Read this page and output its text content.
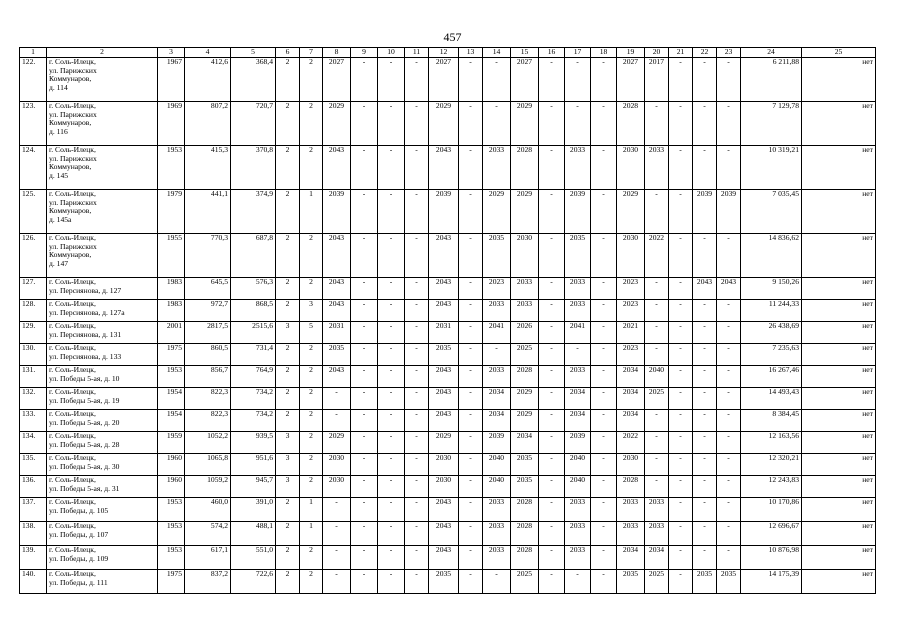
457
1	2	3	4	5	6	7	8	9	10	11	12	13	14	15	16	17	18	19	20	21	22	23	24	25
122.	г. Соль-Илецк,
ул. Парижских
Коммунаров,
д. 114	1967	412,6	368,4	2	2	2027	-	-	-	2027	-	-	2027	-	-	-	2027	2017	-	-	-	6 211,88	нет
123.	г. Соль-Илецк,
ул. Парижских
Коммунаров,
д. 116	1969	807,2	720,7	2	2	2029	-	-	-	2029	-	-	2029	-	-	-	2028	-	-	-	-	7 129,78	нет
124.	г. Соль-Илецк,
ул. Парижских
Коммунаров,
д. 145	1953	415,3	370,8	2	2	2043	-	-	-	2043	-	2033	2028	-	2033	-	2030	2033	-	-	-	10 319,21	нет
125.	г. Соль-Илецк,
ул. Парижских
Коммунаров,
д. 145а	1979	441,1	374,9	2	1	2039	-	-	-	2039	-	2029	2029	-	2039	-	2029	-	-	2039	2039	7 035,45	нет
126.	г. Соль-Илецк,
ул. Парижских
Коммунаров,
д. 147	1955	770,3	687,8	2	2	2043	-	-	-	2043	-	2035	2030	-	2035	-	2030	2022	-	-	-	14 836,62	нет
127.	г. Соль-Илецк,
ул. Персиянова, д. 127	1983	645,5	576,3	2	2	2043	-	-	-	2043	-	2023	2033	-	2033	-	2023	-	-	2043	2043	9 150,26	нет
128.	г. Соль-Илецк,
ул. Персиянова, д. 127а	1983	972,7	868,5	2	3	2043	-	-	-	2043	-	2033	2033	-	2033	-	2023	-	-	-	-	11 244,33	нет
129.	г. Соль-Илецк,
ул. Персиянова, д. 131	2001	2817,5	2515,6	3	5	2031	-	-	-	2031	-	2041	2026	-	2041	-	2021	-	-	-	-	26 438,69	нет
130.	г. Соль-Илецк,
ул. Персиянова, д. 133	1975	860,5	731,4	2	2	2035	-	-	-	2035	-	-	2025	-	-	-	2023	-	-	-	-	7 235,63	нет
131.	г. Соль-Илецк,
ул. Победы 5-ая, д. 10	1953	856,7	764,9	2	2	2043	-	-	-	2043	-	2033	2028	-	2033	-	2034	2040	-	-	-	16 267,46	нет
132.	г. Соль-Илецк,
ул. Победы 5-ая, д. 19	1954	822,3	734,2	2	2	-	-	-	-	2043	-	2034	2029	-	2034	-	2034	2025	-	-	-	14 493,43	нет
133.	г. Соль-Илецк,
ул. Победы 5-ая, д. 20	1954	822,3	734,2	2	2	-	-	-	-	2043	-	2034	2029	-	2034	-	2034	-	-	-	-	8 384,45	нет
134.	г. Соль-Илецк,
ул. Победы 5-ая, д. 28	1959	1052,2	939,5	3	2	2029	-	-	-	2029	-	2039	2034	-	2039	-	2022	-	-	-	-	12 163,56	нет
135.	г. Соль-Илецк,
ул. Победы 5-ая, д. 30	1960	1065,8	951,6	3	2	2030	-	-	-	2030	-	2040	2035	-	2040	-	2030	-	-	-	-	12 320,21	нет
136.	г. Соль-Илецк,
ул. Победы 5-ая, д. 31	1960	1059,2	945,7	3	2	2030	-	-	-	2030	-	2040	2035	-	2040	-	2028	-	-	-	-	12 243,83	нет
137.	г. Соль-Илецк,
ул. Победы, д. 105	1953	460,0	391,0	2	1	-	-	-	-	2043	-	2033	2028	-	2033	-	2033	2033	-	-	-	10 170,86	нет
138.	г. Соль-Илецк,
ул. Победы, д. 107	1953	574,2	488,1	2	1	-	-	-	-	2043	-	2033	2028	-	2033	-	2033	2033	-	-	-	12 696,67	нет
139.	г. Соль-Илецк,
ул. Победы, д. 109	1953	617,1	551,0	2	2	-	-	-	-	2043	-	2033	2028	-	2033	-	2034	2034	-	-	-	10 876,98	нет
140.	г. Соль-Илецк,
ул. Победы, д. 111	1975	837,2	722,6	2	2	-	-	-	-	2035	-	-	2025	-	-	-	2035	2025	-	2035	2035	14 175,39	нет
